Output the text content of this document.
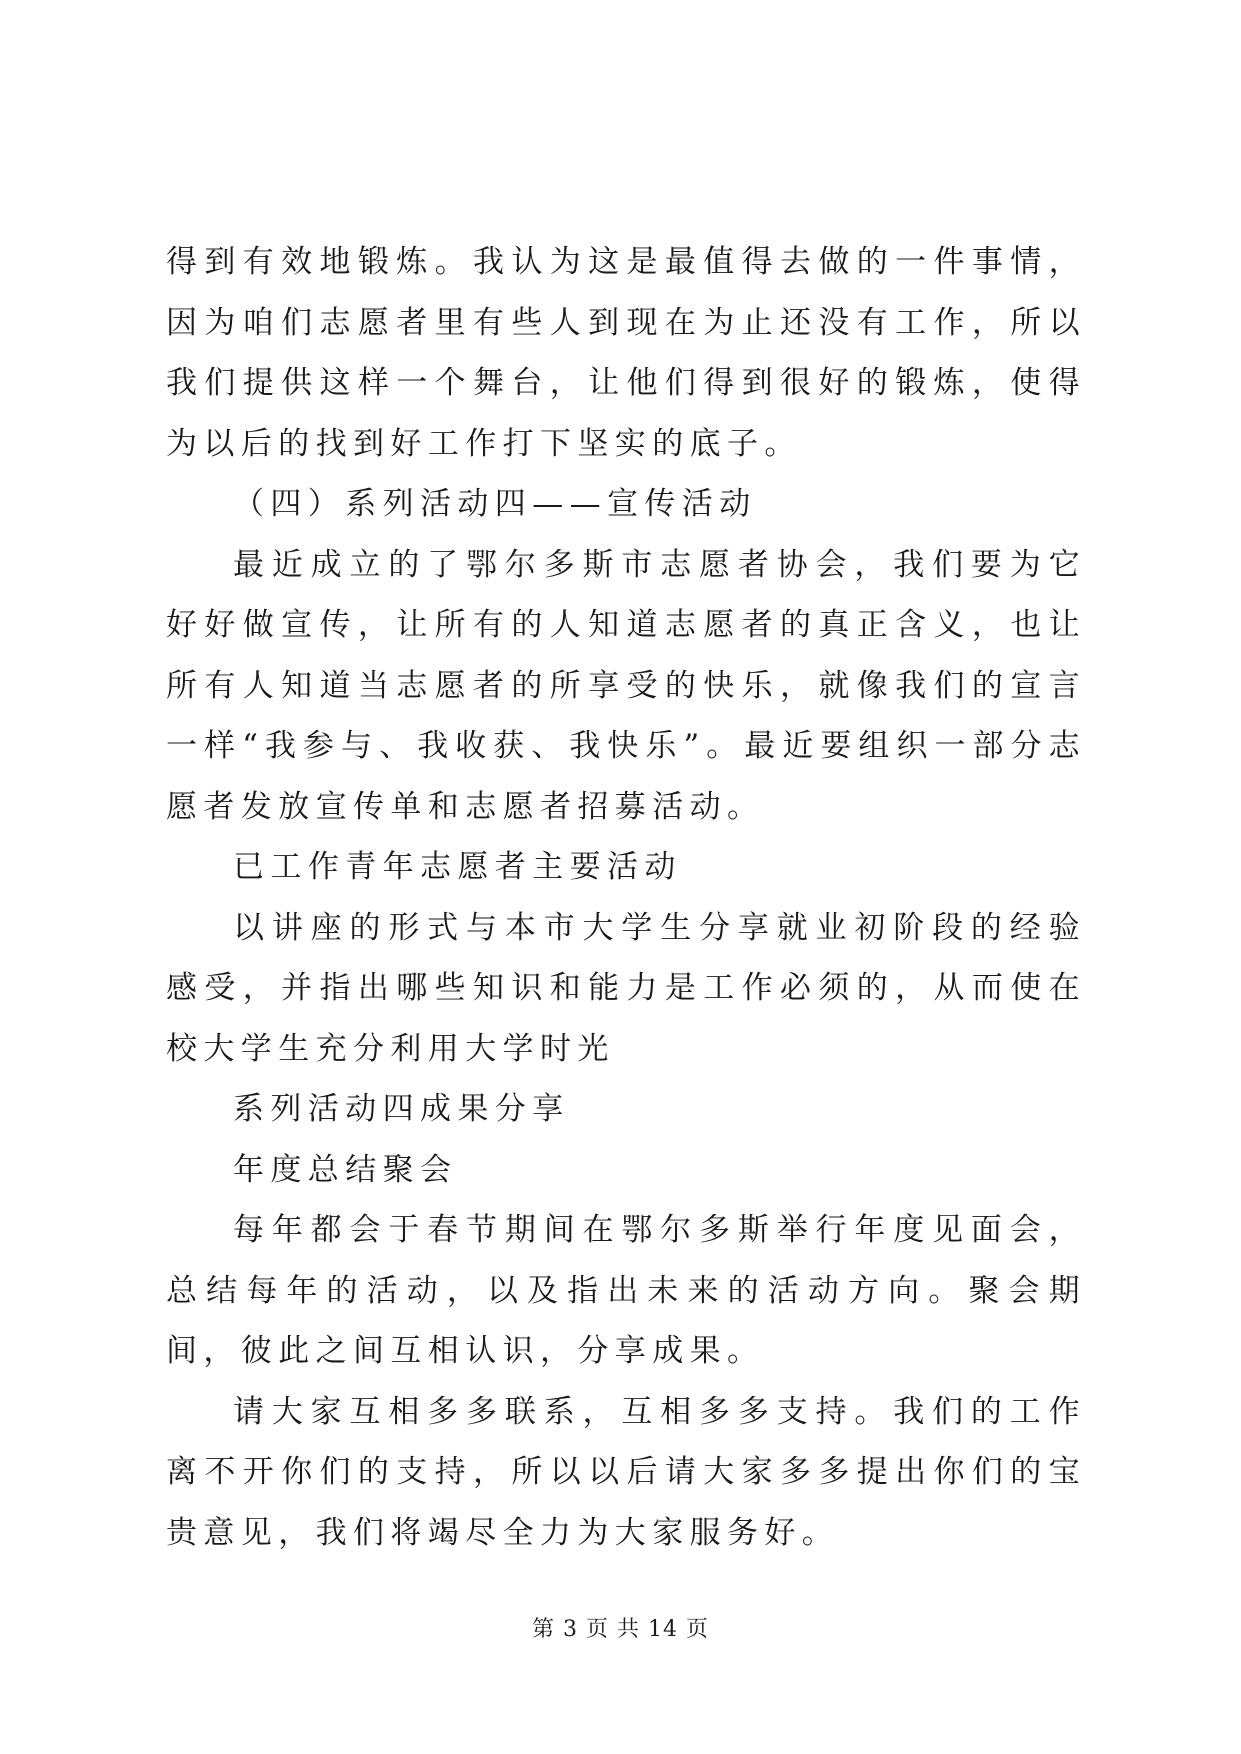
得到有效地锻炼。我认为这是最值得去做的一件事情，因为咱们志愿者里有些人到现在为止还没有工作，所以我们提供这样一个舞台，让他们得到很好的锻炼，使得为以后的找到好工作打下坚实的底子。

（四）系列活动四——宣传活动

最近成立的了鄂尔多斯市志愿者协会，我们要为它好好做宣传，让所有的人知道志愿者的真正含义，也让所有人知道当志愿者的所享受的快乐，就像我们的宣言一样“我参与、我收获、我快乐”。最近要组织一部分志愿者发放宣传单和志愿者招募活动。

已工作青年志愿者主要活动

以讲座的形式与本市大学生分享就业初阶段的经验感受，并指出哪些知识和能力是工作必须的，从而使在校大学生充分利用大学时光

系列活动四成果分享

年度总结聚会

每年都会于春节期间在鄂尔多斯举行年度见面会，总结每年的活动，以及指出未来的活动方向。聚会期间，彼此之间互相认识，分享成果。

请大家互相多多联系，互相多多支持。我们的工作离不开你们的支持，所以以后请大家多多提出你们的宝贵意见，我们将竭尽全力为大家服务好。

第 3 页 共 14 页
